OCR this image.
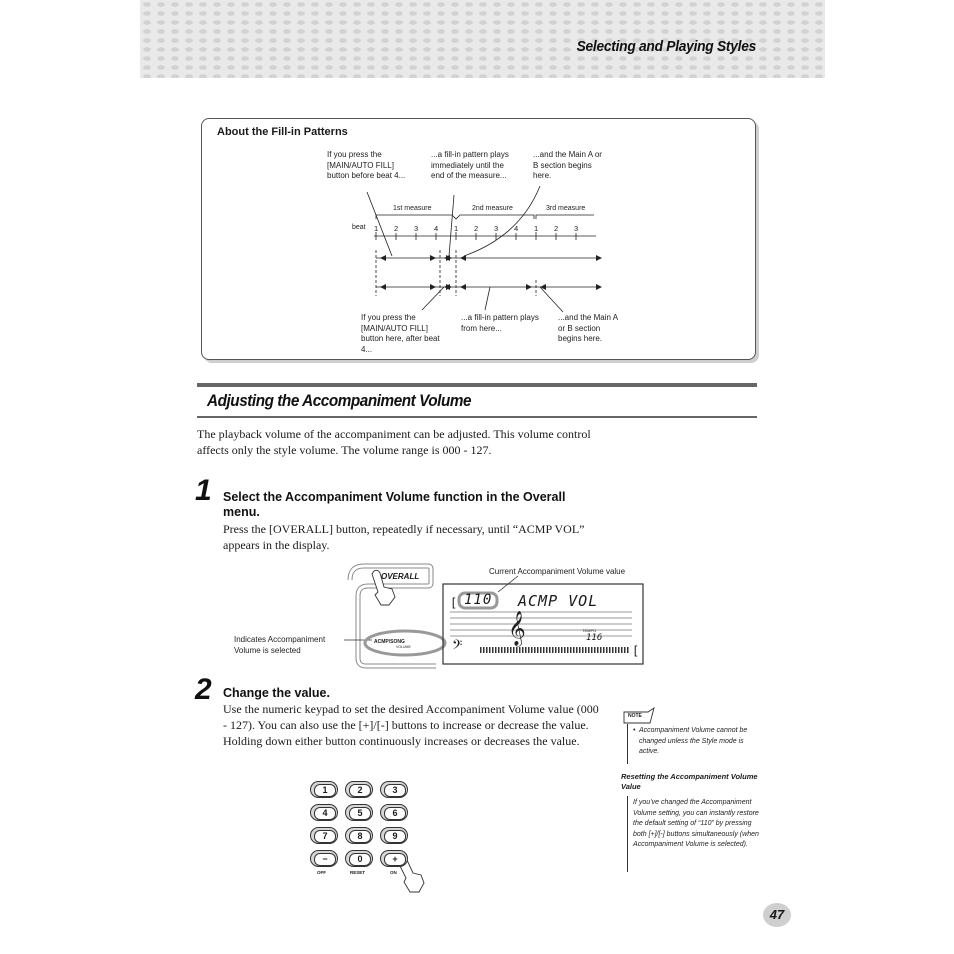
Selecting and Playing Styles
About the Fill-in Patterns
If you press the [MAIN/AUTO FILL] button before beat 4...
...a fill-in pattern plays immediately until the end of the measure...
...and the Main A or B section begins here.
If you press the [MAIN/AUTO FILL] button here, after beat 4...
...a fill-in pattern plays from here...
...and the Main A or B section begins here.
1st measure	2nd measure	3rd measure
beat 1 2 3 4 1 2 3 4 1 2 3
Adjusting the Accompaniment Volume
The playback volume of the accompaniment can be adjusted. This volume control affects only the style volume. The volume range is 000 - 127.
1 Select the Accompaniment Volume function in the Overall menu.
Press the [OVERALL] button, repeatedly if necessary, until “ACMP VOL” appears in the display.
Current Accompaniment Volume value
Indicates Accompaniment Volume is selected
[
[
𝄞
𝄢
OVERALL
110 ACMP VOL
ACMP/SONG
VOLUME
TEMPO
116
2 Change the value.
Use the numeric keypad to set the desired Accompaniment Volume value (000 - 127). You can also use the [+]/[-] buttons to increase or decrease the value. Holding down either button continuously increases or decreases the value.
1	2	3
4	5	6
7	8	9
−	0	+
OFF	RESET	ON
NOTE
• Accompaniment Volume cannot be changed unless the Style mode is active.
Resetting the Accompaniment Volume Value
If you’ve changed the Accompaniment Volume setting, you can instantly restore the default setting of “110” by pressing both [+]/[-] buttons simultaneously (when Accompaniment Volume is selected).
47
